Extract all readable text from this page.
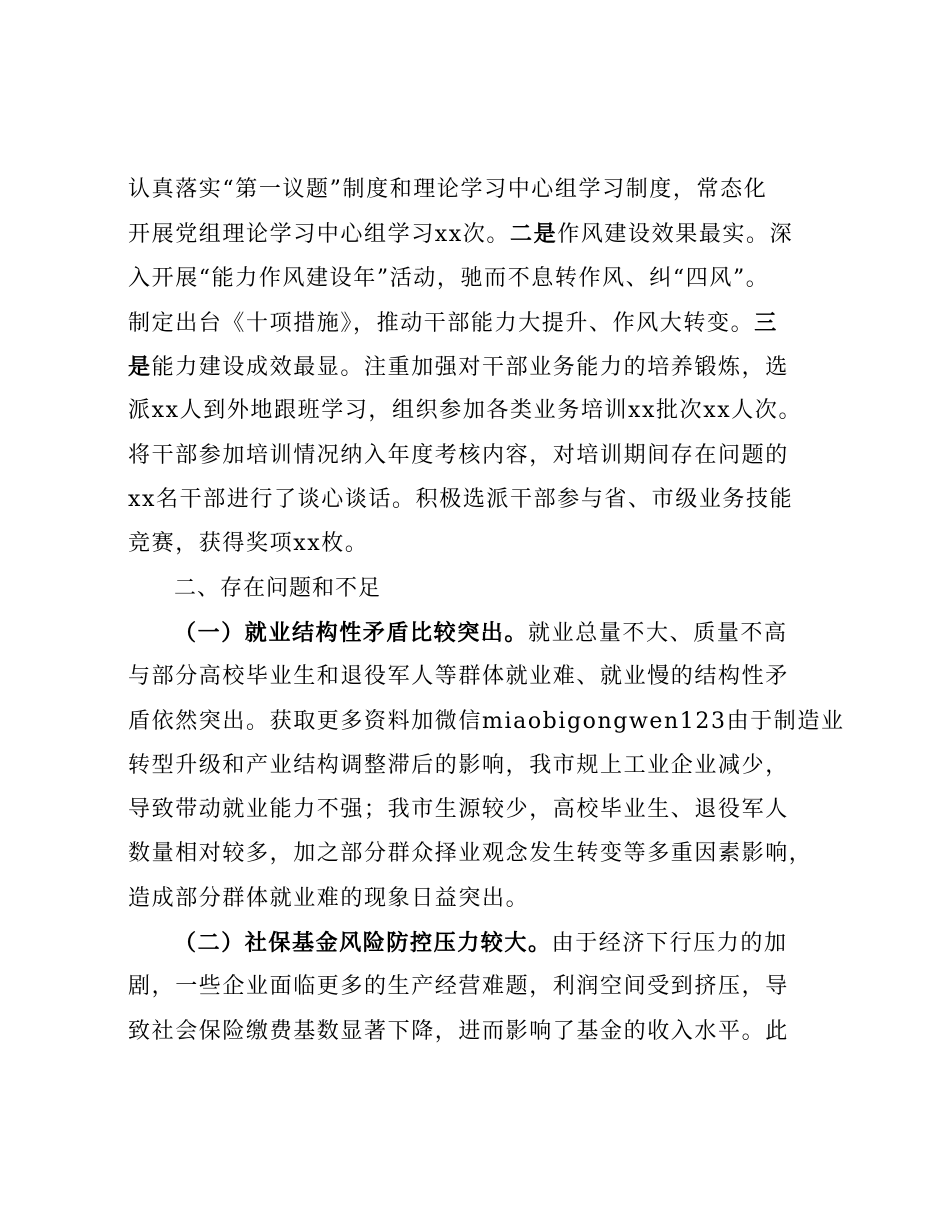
认真落实“第一议题”制度和理论学习中心组学习制度，常态化
开展党组理论学习中心组学习xx次。二是作风建设效果最实。深
入开展“能力作风建设年”活动，驰而不息转作风、纠“四风”。
制定出台《十项措施》，推动干部能力大提升、作风大转变。三
是能力建设成效最显。注重加强对干部业务能力的培养锻炼，选
派xx人到外地跟班学习，组织参加各类业务培训xx批次xx人次。
将干部参加培训情况纳入年度考核内容，对培训期间存在问题的
xx名干部进行了谈心谈话。积极选派干部参与省、市级业务技能
竞赛，获得奖项xx枚。
二、存在问题和不足
（一）就业结构性矛盾比较突出。就业总量不大、质量不高
与部分高校毕业生和退役军人等群体就业难、就业慢的结构性矛
盾依然突出。获取更多资料加微信miaobigongwen123由于制造业
转型升级和产业结构调整滞后的影响，我市规上工业企业减少，
导致带动就业能力不强；我市生源较少，高校毕业生、退役军人
数量相对较多，加之部分群众择业观念发生转变等多重因素影响，
造成部分群体就业难的现象日益突出。
（二）社保基金风险防控压力较大。由于经济下行压力的加
剧，一些企业面临更多的生产经营难题，利润空间受到挤压，导
致社会保险缴费基数显著下降，进而影响了基金的收入水平。此
